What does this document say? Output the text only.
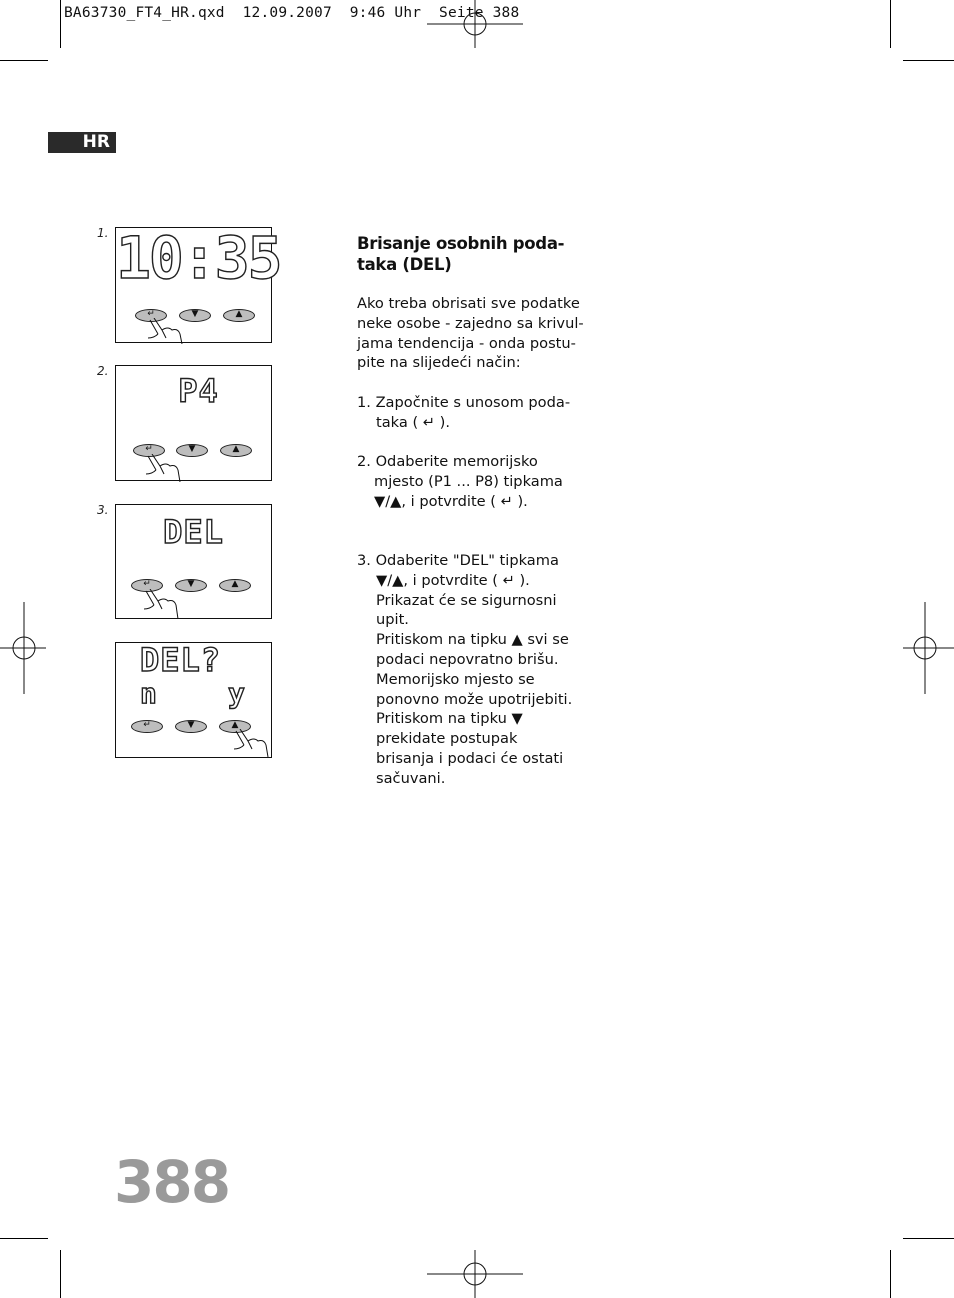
BA63730_FT4_HR.qxd  12.09.2007  9:46 Uhr  Seite 388
HR
1. 10:35
↵	▼	▲
2.
P4
↵	▼	▲
3.
DEL
↵	▼	▲
DEL?
n	y
↵	▼	▲
Brisanje osobnih poda-
taka (DEL)

Ako treba obrisati sve podatke

neke osobe - zajedno sa krivul-

jama tendencija - onda postu-

pite na slijedeći način:

1. Započnite s unosom poda-

taka ( ↵ ).

2. Odaberite memorijsko

mjesto (P1 ... P8) tipkama

▼/▲, i potvrdite ( ↵ ).

3. Odaberite "DEL" tipkama

▼/▲, i potvrdite ( ↵ ).

Prikazat će se sigurnosni

upit.

Pritiskom na tipku ▲ svi se

podaci nepovratno brišu.

Memorijsko mjesto se

ponovno može upotrijebiti.

Pritiskom na tipku ▼

prekidate postupak

brisanja i podaci će ostati

sačuvani.

388
